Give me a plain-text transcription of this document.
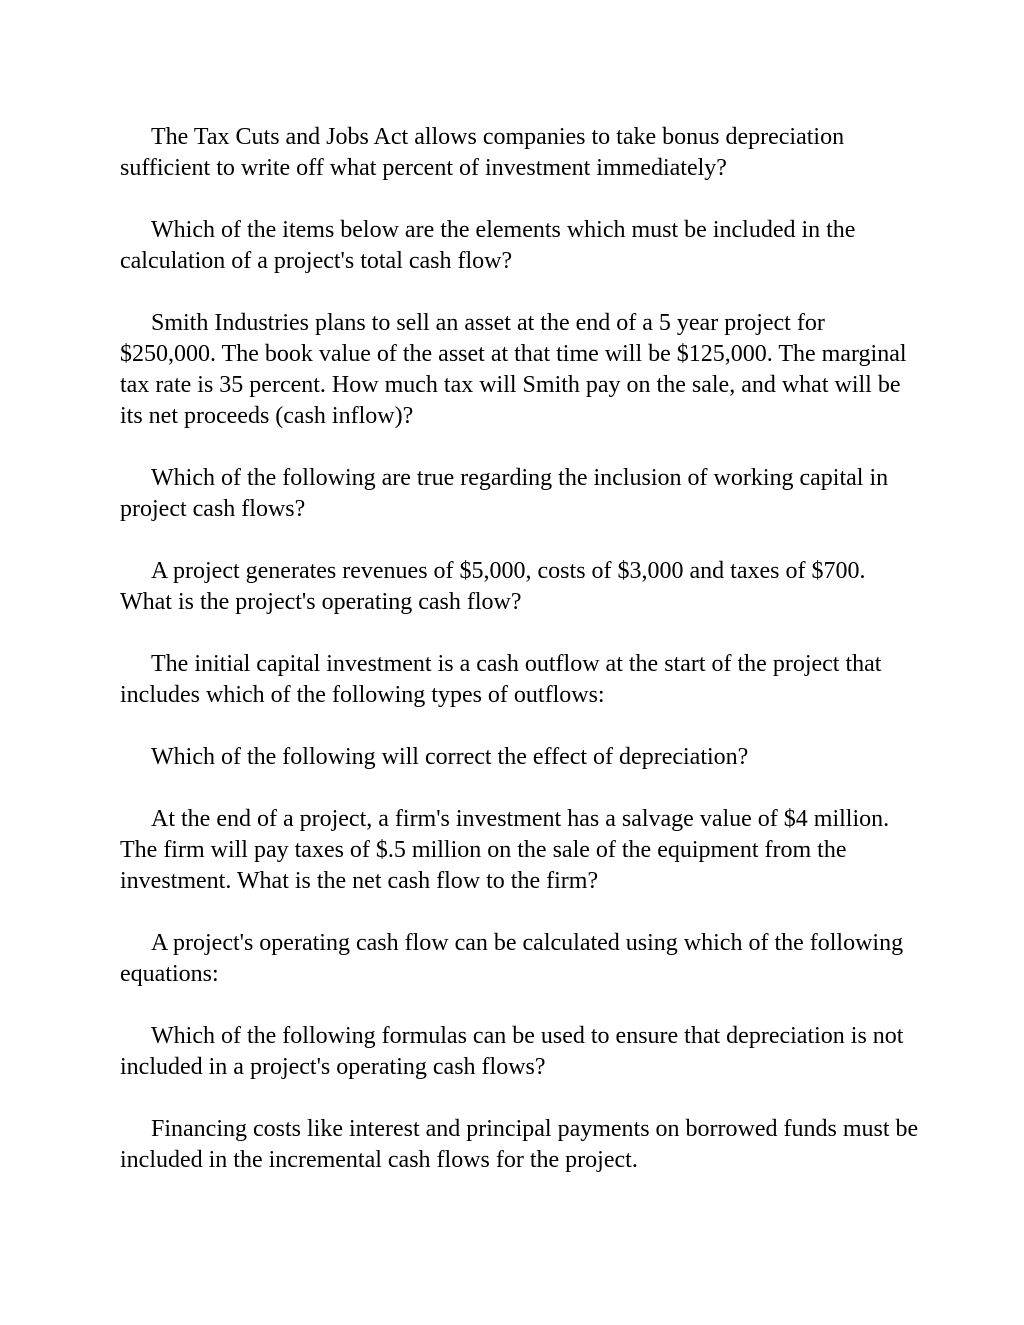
The Tax Cuts and Jobs Act allows companies to take bonus depreciation sufficient to write off what percent of investment immediately?

Which of the items below are the elements which must be included in the calculation of a project's total cash flow?

Smith Industries plans to sell an asset at the end of a 5 year project for $250,000. The book value of the asset at that time will be $125,000. The marginal tax rate is 35 percent. How much tax will Smith pay on the sale, and what will be its net proceeds (cash inflow)?

Which of the following are true regarding the inclusion of working capital in project cash flows?

A project generates revenues of $5,000, costs of $3,000 and taxes of $700. What is the project's operating cash flow?

The initial capital investment is a cash outflow at the start of the project that includes which of the following types of outflows:

Which of the following will correct the effect of depreciation?

At the end of a project, a firm's investment has a salvage value of $4 million. The firm will pay taxes of $.5 million on the sale of the equipment from the investment. What is the net cash flow to the firm?

A project's operating cash flow can be calculated using which of the following equations:

Which of the following formulas can be used to ensure that depreciation is not included in a project's operating cash flows?

Financing costs like interest and principal payments on borrowed funds must be included in the incremental cash flows for the project.
